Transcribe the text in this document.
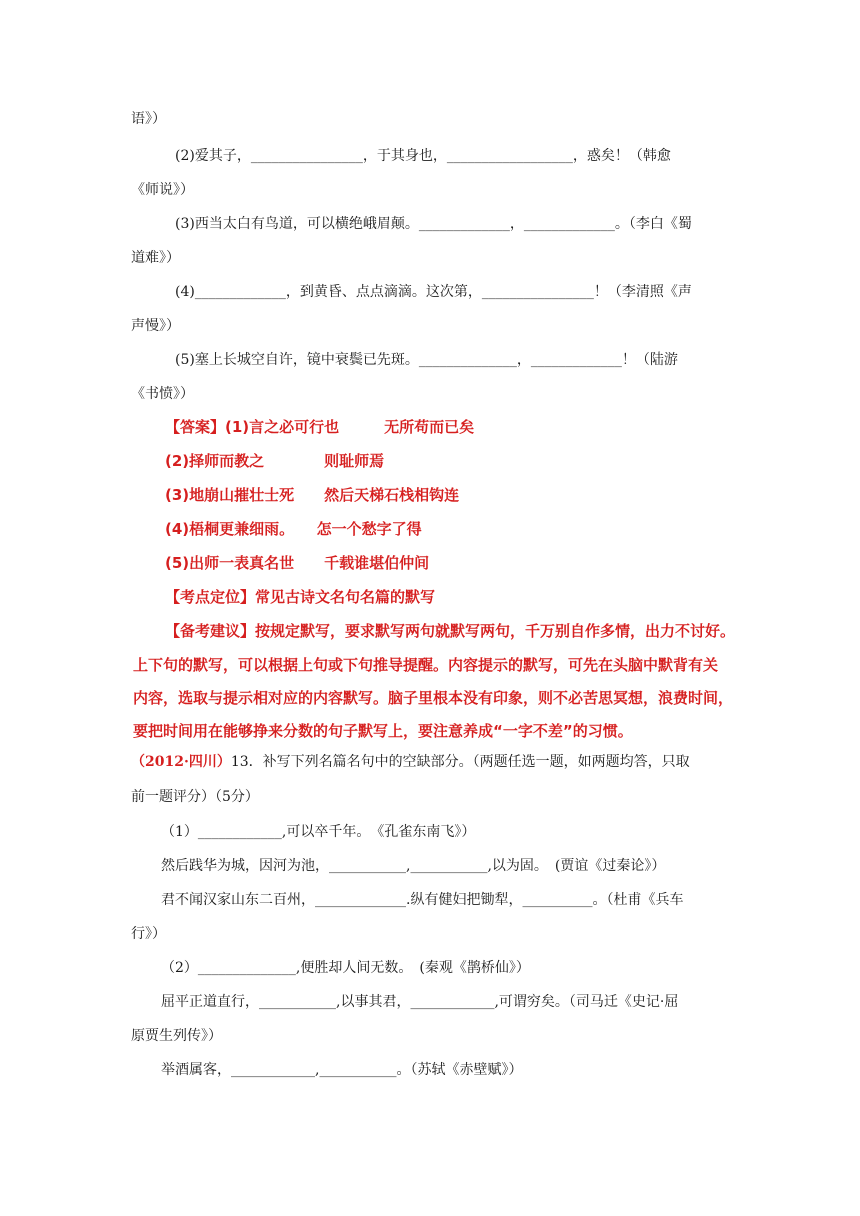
语》）
(2)爱其子，________________，于其身也，__________________，惑矣！（韩愈
《师说》）
(3)西当太白有鸟道，可以横绝峨眉颠。_____________，_____________。（李白《蜀
道难》）
(4)_____________，到黄昏、点点滴滴。这次第，________________！（李清照《声
声慢》）
(5)塞上长城空自许，镜中衰鬓已先斑。______________，_____________！（陆游
《书愤》）
【答案】(1)言之必可行也　　　无所苟而已矣
(2)择师而教之　　　　则耻师焉
(3)地崩山摧壮士死　　然后天梯石栈相钩连
(4)梧桐更兼细雨。　　怎一个愁字了得
(5)出师一表真名世　　千载谁堪伯仲间
【考点定位】常见古诗文名句名篇的默写
【备考建议】按规定默写，要求默写两句就默写两句，千万别自作多情，出力不讨好。
上下句的默写，可以根据上句或下句推导提醒。内容提示的默写，可先在头脑中默背有关
内容，选取与提示相对应的内容默写。脑子里根本没有印象，则不必苦思冥想，浪费时间，
要把时间用在能够挣来分数的句子默写上，要注意养成“一字不差”的习惯。
（2012·四川）13．补写下列名篇名句中的空缺部分。（两题任选一题，如两题均答，只取
前一题评分）（5分）
（1）____________,可以卒千年。　《孔雀东南飞》）
然后践华为城，因河为池，___________,___________,以为固。　(贾谊《过秦论》）
君不闻汉家山东二百州，_____________.纵有健妇把锄犁，__________。（杜甫《兵车
行》）
（2）______________,便胜却人间无数。　(秦观《鹊桥仙》）
屈平正道直行，___________,以事其君，____________,可谓穷矣。（司马迁《史记·屈
原贾生列传》）
举酒属客，____________,___________。（苏轼《赤壁赋》）
